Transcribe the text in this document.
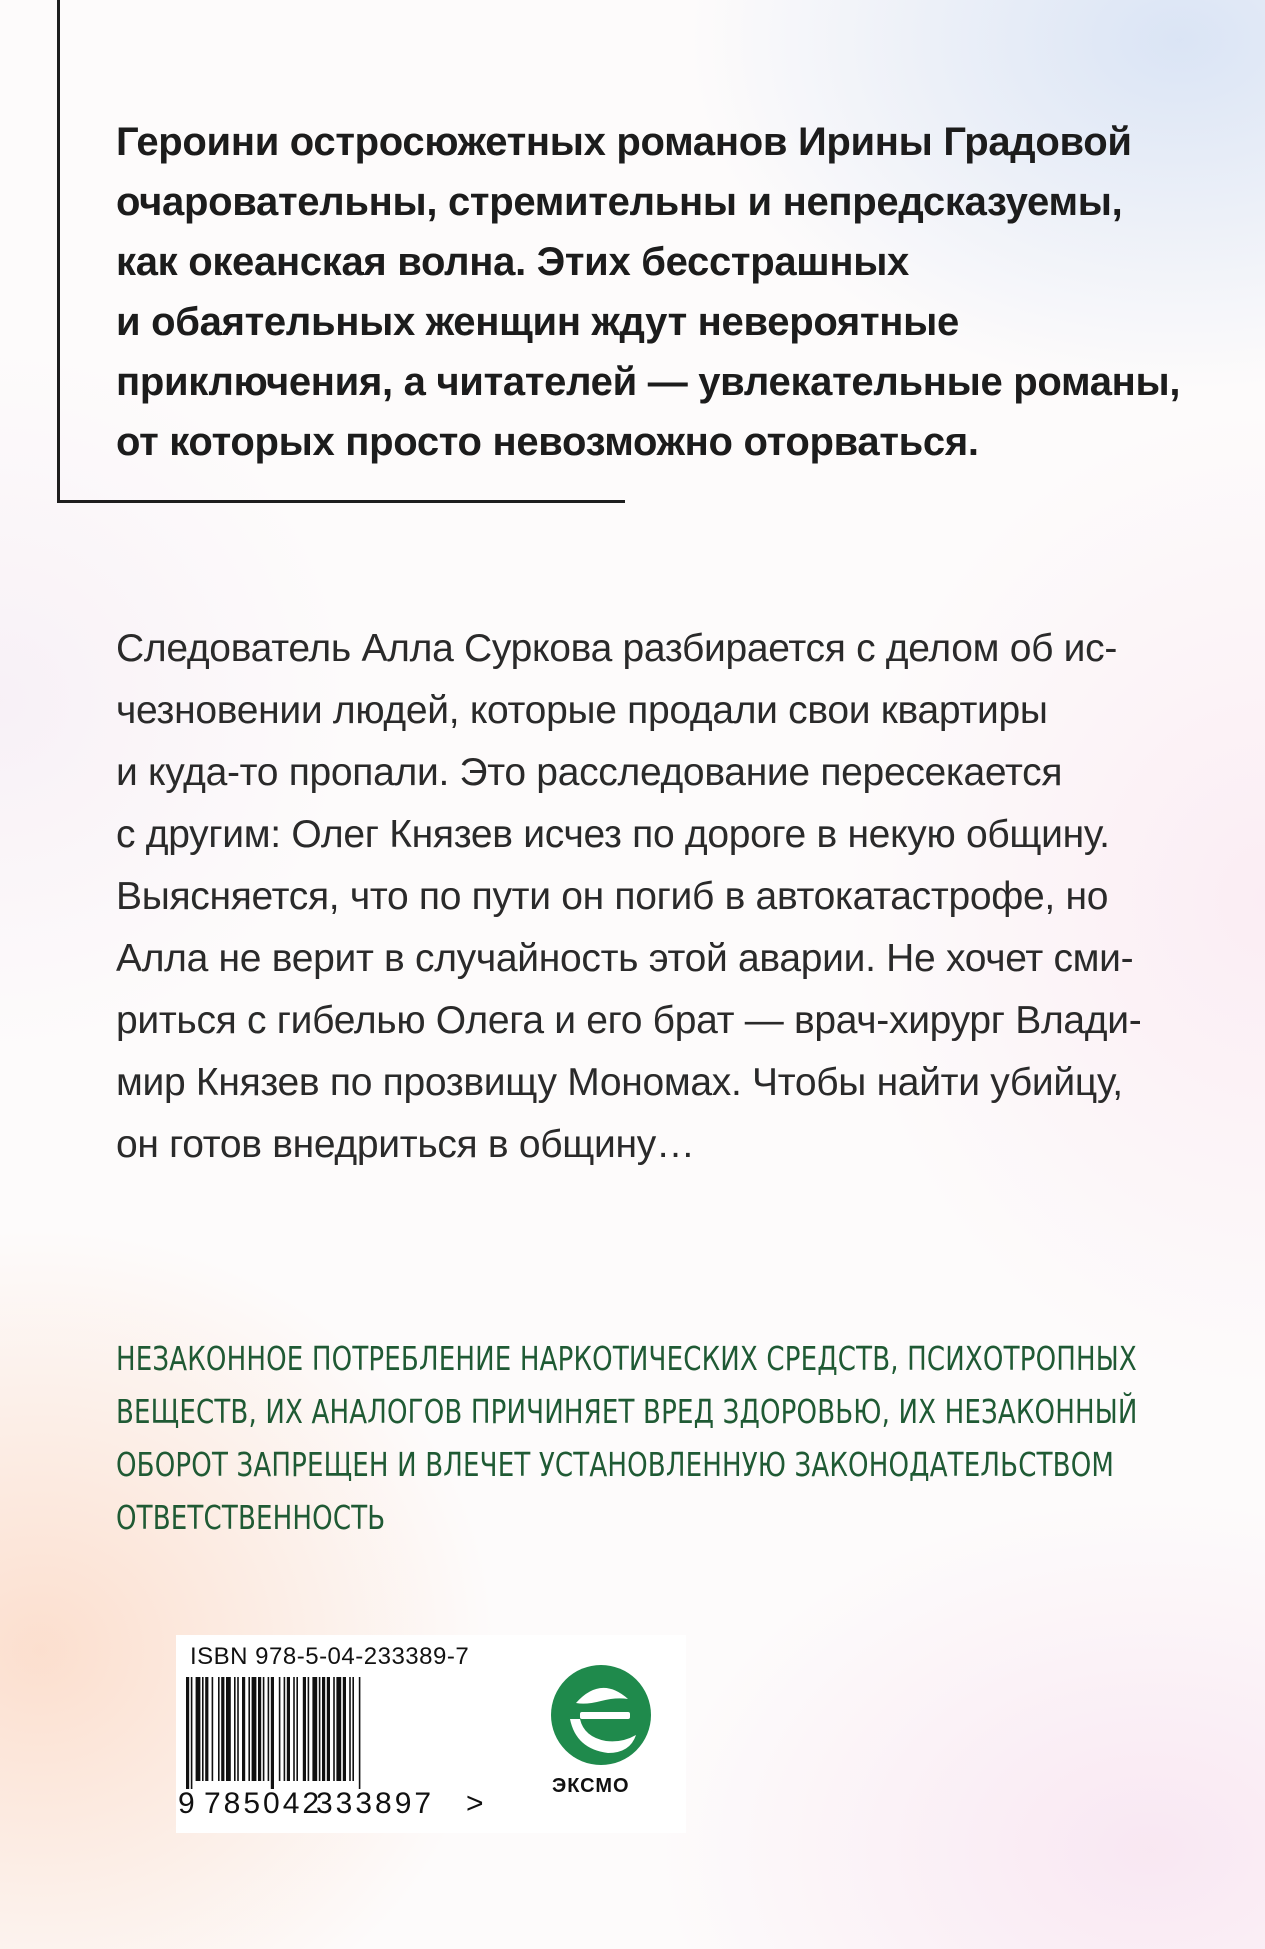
Героини остросюжетных романов Ирины Градовой
очаровательны, стремительны и непредсказуемы,
как океанская волна. Этих бесстрашных
и обаятельных женщин ждут невероятные
приключения, а читателей — увлекательные романы,
от которых просто невозможно оторваться.
Следователь Алла Суркова разбирается с делом об ис-
чезновении людей, которые продали свои квартиры
и куда-то пропали. Это расследование пересекается
с другим: Олег Князев исчез по дороге в некую общину.
Выясняется, что по пути он погиб в автокатастрофе, но
Алла не верит в случайность этой аварии. Не хочет сми-
риться с гибелью Олега и его брат — врач-хирург Влади-
мир Князев по прозвищу Мономах. Чтобы найти убийцу,
он готов внедриться в общину…
НЕЗАКОННОЕ ПОТРЕБЛЕНИЕ НАРКОТИЧЕСКИХ СРЕДСТВ, ПСИХОТРОПНЫХ
ВЕЩЕСТВ, ИХ АНАЛОГОВ ПРИЧИНЯЕТ ВРЕД ЗДОРОВЬЮ, ИХ НЕЗАКОННЫЙ
ОБОРОТ ЗАПРЕЩЕН И ВЛЕЧЕТ УСТАНОВЛЕННУЮ ЗАКОНОДАТЕЛЬСТВОМ
ОТВЕТСТВЕННОСТЬ
ISBN 978-5-04-233389-7
9 785042
333897 >
ЭКСМО
